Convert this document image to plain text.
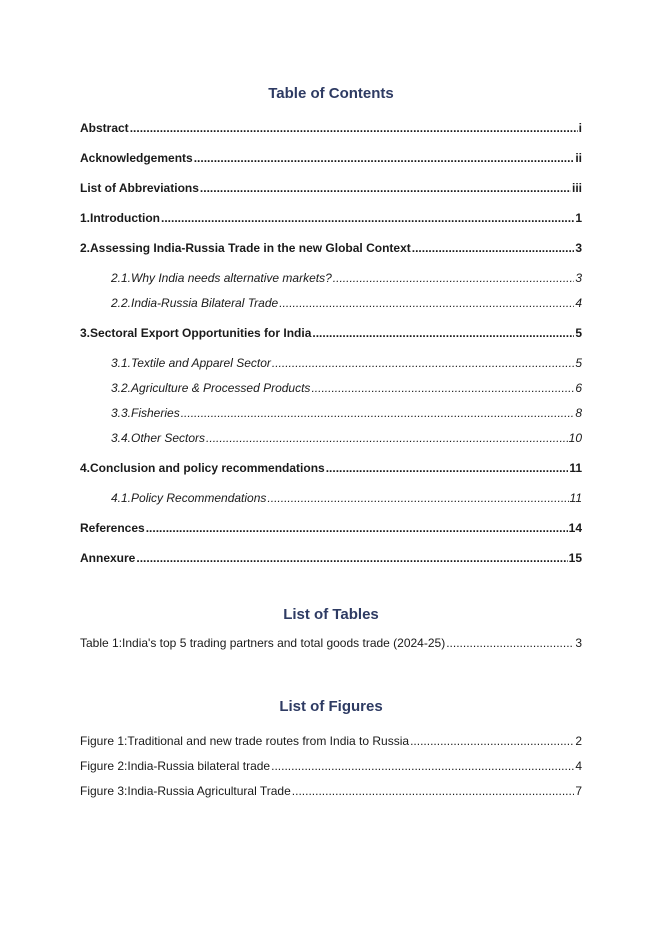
Table of Contents
Abstract .....	i
Acknowledgements .....	ii
List of Abbreviations .....	iii
1. Introduction .....	1
2. Assessing India-Russia Trade in the new Global Context .....	3
2.1. Why India needs alternative markets? .....	3
2.2. India-Russia Bilateral Trade .....	4
3. Sectoral Export Opportunities for India .....	5
3.1. Textile and Apparel Sector .....	5
3.2. Agriculture & Processed Products .....	6
3.3. Fisheries .....	8
3.4. Other Sectors .....	10
4. Conclusion and policy recommendations .....	11
4.1. Policy Recommendations .....	11
References .....	14
Annexure .....	15
List of Tables
Table 1: India's top 5 trading partners and total goods trade (2024-25) .....	3
List of Figures
Figure 1: Traditional and new trade routes from India to Russia .....	2
Figure 2: India-Russia bilateral trade .....	4
Figure 3: India-Russia Agricultural Trade .....	7
